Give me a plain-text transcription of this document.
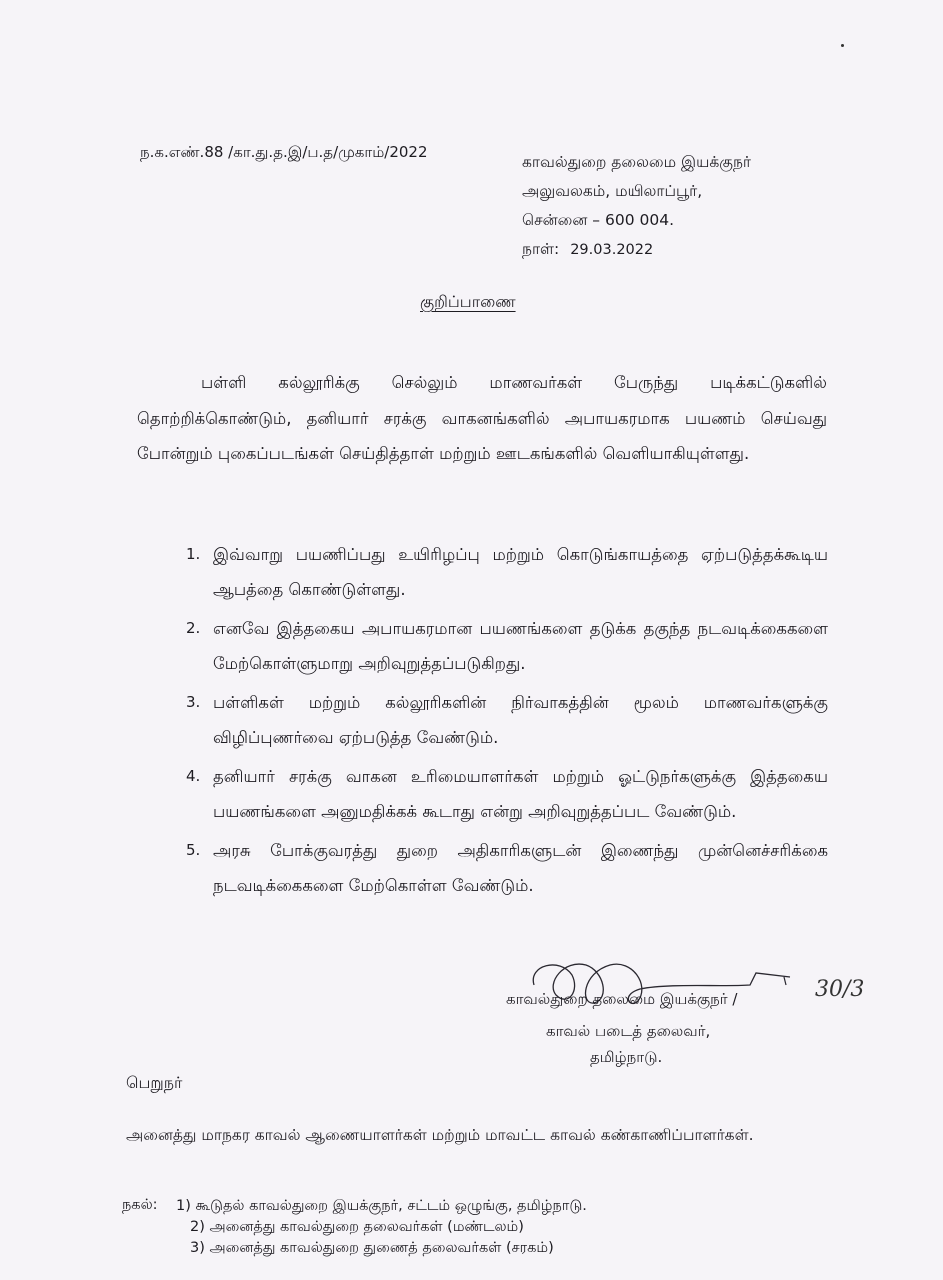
ந.க.எண்.88 /கா.து.த.இ/ப.த/முகாம்/2022
காவல்துறை தலைமை இயக்குநர்
அலுவலகம், மயிலாப்பூர்,
சென்னை – 600 004.
நாள்: 29.03.2022
குறிப்பாணை

பள்ளி கல்லூரிக்கு செல்லும் மாணவர்கள் பேருந்து படிக்கட்டுகளில் தொற்றிக்கொண்டும், தனியார் சரக்கு வாகனங்களில் அபாயகரமாக பயணம் செய்வது போன்றும் புகைப்படங்கள் செய்தித்தாள் மற்றும் ஊடகங்களில் வெளியாகியுள்ளது.

1. இவ்வாறு பயணிப்பது உயிரிழப்பு மற்றும் கொடுங்காயத்தை ஏற்படுத்தக்கூடிய ஆபத்தை கொண்டுள்ளது.
2. எனவே இத்தகைய அபாயகரமான பயணங்களை தடுக்க தகுந்த நடவடிக்கைகளை மேற்கொள்ளுமாறு அறிவுறுத்தப்படுகிறது.
3. பள்ளிகள் மற்றும் கல்லூரிகளின் நிர்வாகத்தின் மூலம் மாணவர்களுக்கு விழிப்புணர்வை ஏற்படுத்த வேண்டும்.
4. தனியார் சரக்கு வாகன உரிமையாளர்கள் மற்றும் ஓட்டுநர்களுக்கு இத்தகைய பயணங்களை அனுமதிக்கக் கூடாது என்று அறிவுறுத்தப்பட வேண்டும்.
5. அரசு போக்குவரத்து துறை அதிகாரிகளுடன் இணைந்து முன்னெச்சரிக்கை நடவடிக்கைகளை மேற்கொள்ள வேண்டும்.
காவல்துறை தலைமை இயக்குநர் /	30/3
காவல் படைத் தலைவர்,
தமிழ்நாடு.
பெறுநர்
அனைத்து மாநகர காவல் ஆணையாளர்கள் மற்றும் மாவட்ட காவல் கண்காணிப்பாளர்கள்.
நகல்: 1) கூடுதல் காவல்துறை இயக்குநர், சட்டம் ஒழுங்கு, தமிழ்நாடு.
2) அனைத்து காவல்துறை தலைவர்கள் (மண்டலம்)
3) அனைத்து காவல்துறை துணைத் தலைவர்கள் (சரகம்)
